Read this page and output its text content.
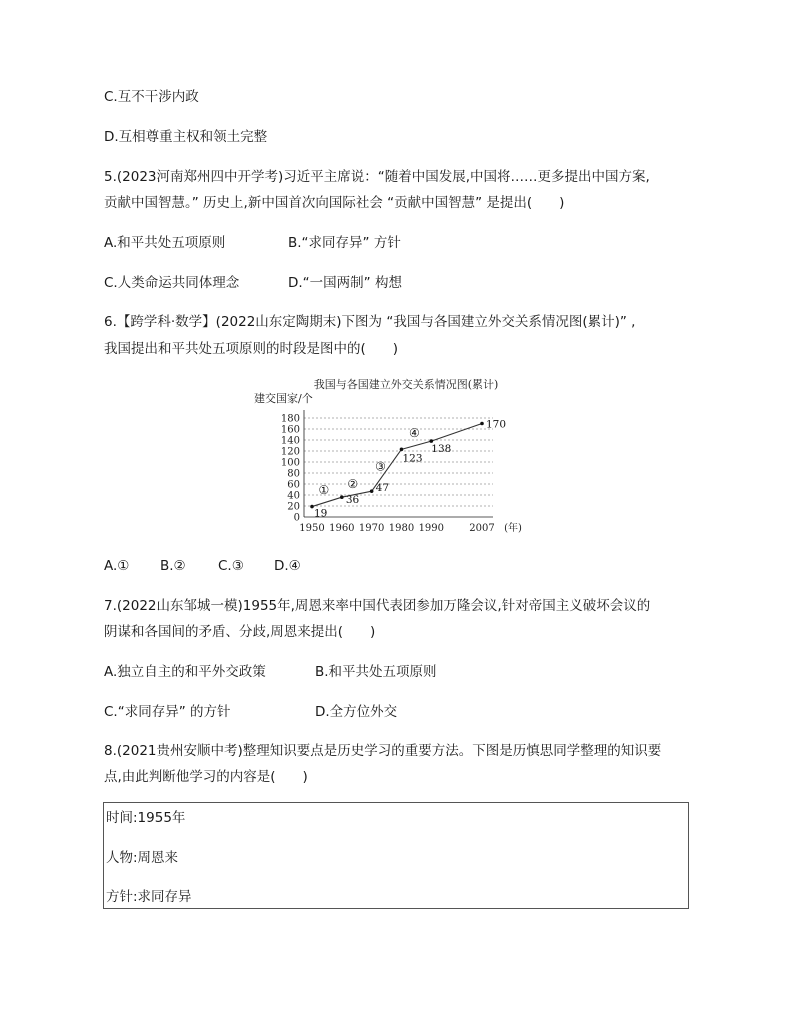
C.互不干涉内政
D.互相尊重主权和领土完整
5.(2023河南郑州四中开学考)习近平主席说：“随着中国发展,中国将……更多提出中国方案,
贡献中国智慧。” 历史上,新中国首次向国际社会 “贡献中国智慧” 是提出(　　)
A.和平共处五项原则	B.“求同存异” 方针
C.人类命运共同体理念	D.“一国两制” 构想
6.【跨学科·数学】(2022山东定陶期末)下图为 “我国与各国建立外交关系情况图(累计)” ,
我国提出和平共处五项原则的时段是图中的(　　)
我国与各国建立外交关系情况图(累计)
建交国家/个
0
20
40
60
80
100
120
140
160
180
1950 1960 1970 1980 1990	2007 (年)
19
36
47
123
138
170
① ②
③
④
A.① B.② C.③ D.④
7.(2022山东邹城一模)1955年,周恩来率中国代表团参加万隆会议,针对帝国主义破坏会议的
阴谋和各国间的矛盾、分歧,周恩来提出(　　)
A.独立自主的和平外交政策	B.和平共处五项原则
C.“求同存异” 的方针	D.全方位外交
8.(2021贵州安顺中考)整理知识要点是历史学习的重要方法。下图是历慎思同学整理的知识要
点,由此判断他学习的内容是(　　)
时间:1955年
人物:周恩来
方针:求同存异
